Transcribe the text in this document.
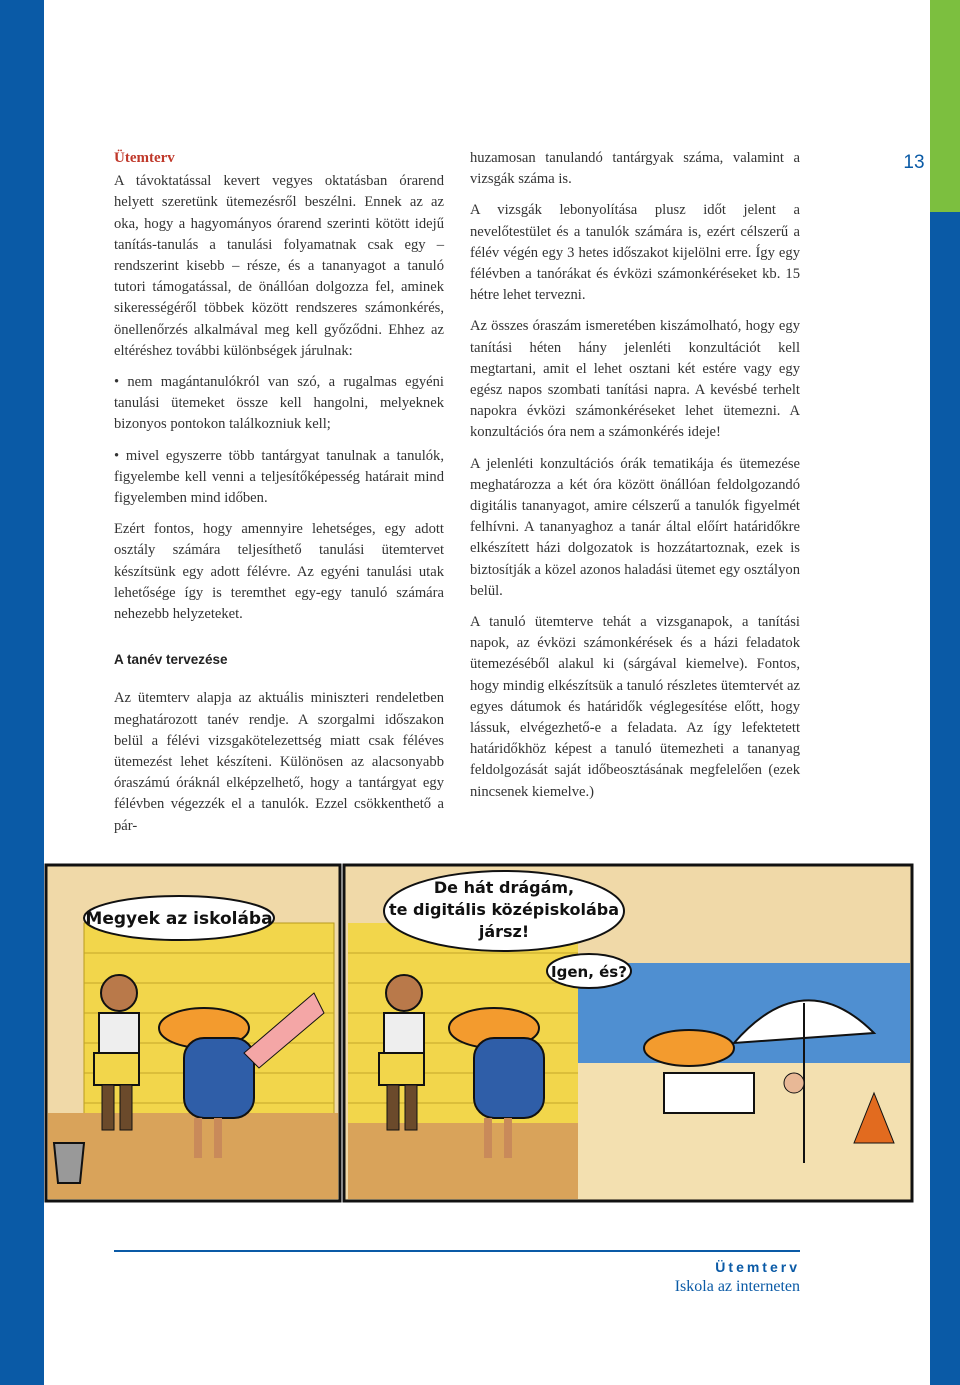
13
Ütemterv

A távoktatással kevert vegyes oktatásban órarend helyett szeretünk ütemezésről beszélni. Ennek az az oka, hogy a hagyományos órarend szerinti kötött idejű tanítás-tanulás a tanulási folyamatnak csak egy – rendszerint kisebb – része, és a tananyagot a tanuló tutori támogatással, de önállóan dolgozza fel, aminek sikerességéről többek között rendszeres számonkérés, önellenőrzés alkalmával meg kell győződni. Ehhez az eltéréshez további különbségek járulnak:

• nem magántanulókról van szó, a rugalmas egyéni tanulási ütemeket össze kell hangolni, melyeknek bizonyos pontokon találkozniuk kell;

• mivel egyszerre több tantárgyat tanulnak a tanulók, figyelembe kell venni a teljesítőképesség határait mind figyelemben mind időben.

Ezért fontos, hogy amennyire lehetséges, egy adott osztály számára teljesíthető tanulási ütemtervet készítsünk egy adott félévre. Az egyéni tanulási utak lehetősége így is teremthet egy-egy tanuló számára nehezebb helyzeteket.

A tanév tervezése

Az ütemterv alapja az aktuális miniszteri rendeletben meghatározott tanév rendje. A szorgalmi időszakon belül a félévi vizsgakötelezettség miatt csak féléves ütemezést lehet készíteni. Különösen az alacsonyabb óraszámú óráknál elképzelhető, hogy a tantárgyat egy félévben végezzék el a tanulók. Ezzel csökkenthető a pár-

huzamosan tanulandó tantárgyak száma, valamint a vizsgák száma is.

A vizsgák lebonyolítása plusz időt jelent a nevelőtestület és a tanulók számára is, ezért célszerű a félév végén egy 3 hetes időszakot kijelölni erre. Így egy félévben a tanórákat és évközi számonkéréseket kb. 15 hétre lehet tervezni.

Az összes óraszám ismeretében kiszámolható, hogy egy tanítási héten hány jelenléti konzultációt kell megtartani, amit el lehet osztani két estére vagy egy egész napos szombati tanítási napra. A kevésbé terhelt napokra évközi számonkéréseket lehet ütemezni. A konzultációs óra nem a számonkérés ideje!

A jelenléti konzultációs órák tematikája és ütemezése meghatározza a két óra között önállóan feldolgozandó digitális tananyagot, amire célszerű a tanulók figyelmét felhívni. A tananyaghoz a tanár által előírt határidőkre elkészített házi dolgozatok is hozzátartoznak, ezek is biztosítják a közel azonos haladási ütemet egy osztályon belül.

A tanuló ütemterve tehát a vizsganapok, a tanítási napok, az évközi számonkérések és a házi feladatok ütemezéséből alakul ki (sárgával kiemelve). Fontos, hogy mindig elkészítsük a tanuló részletes ütemtervét az egyes dátumok és határidők véglegesítése előtt, hogy lássuk, elvégezhető-e a feladata. Az így lefektetett határidőkhöz képest a tanuló ütemezheti a tananyag feldolgozását saját időbeosztásának megfelelően (ezek nincsenek kiemelve.)

Megyek az iskolába
De hát drágám,
te digitális középiskolába
jársz!
Igen, és?
Ütemterv
Iskola az interneten
